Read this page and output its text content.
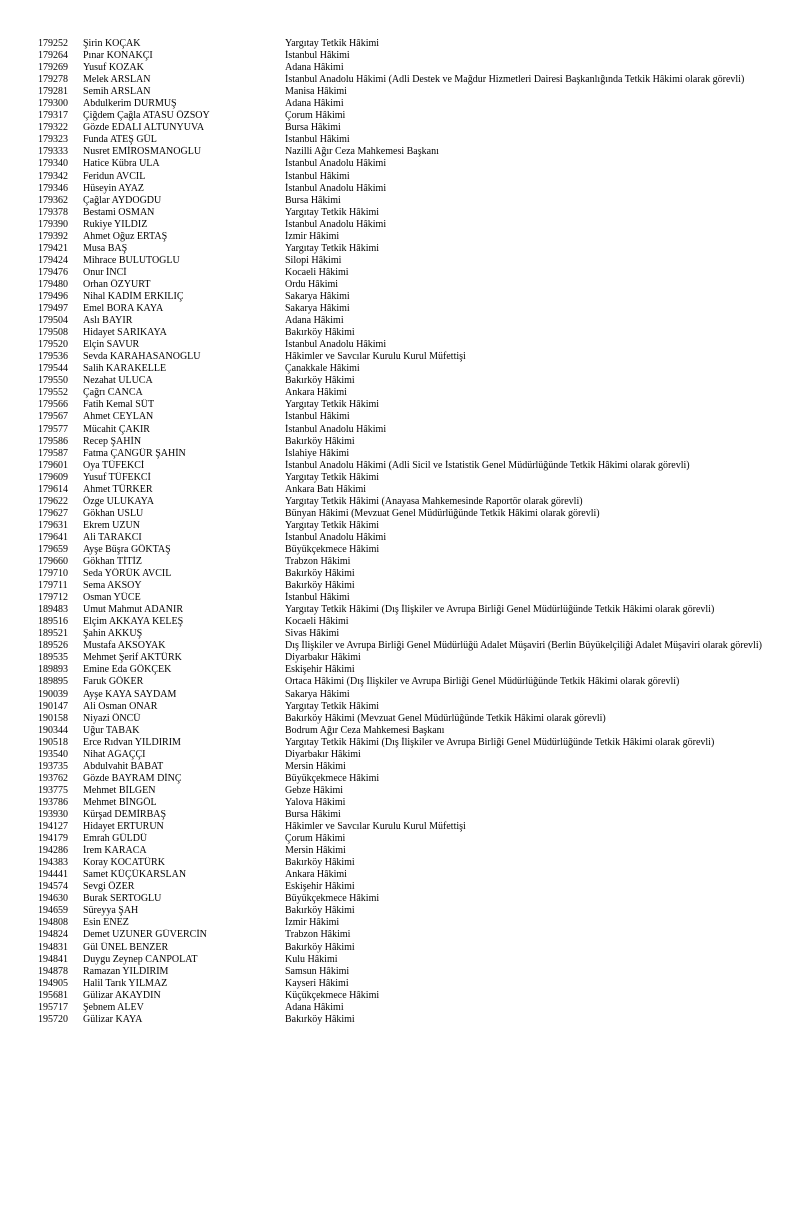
179252	Şirin KOÇAK	Yargıtay Tetkik Hâkimi
179264	Pınar KONAKÇI	İstanbul Hâkimi
179269	Yusuf KOZAK	Adana Hâkimi
179278	Melek ARSLAN	İstanbul Anadolu Hâkimi (Adli Destek ve Mağdur Hizmetleri Dairesi Başkanlığında Tetkik Hâkimi olarak görevli)
179281	Semih ARSLAN	Manisa Hâkimi
179300	Abdulkerim DURMUŞ	Adana Hâkimi
179317	Çiğdem Çağla ATASU ÖZSOY	Çorum Hâkimi
179322	Gözde EDALI ALTUNYUVA	Bursa Hâkimi
179323	Funda ATEŞ GÜL	İstanbul Hâkimi
179333	Nusret EMİROSMANOĞLU	Nazilli Ağır Ceza Mahkemesi Başkanı
179340	Hatice Kübra ULA	İstanbul Anadolu Hâkimi
179342	Feridun AVCIL	İstanbul Hâkimi
179346	Hüseyin AYAZ	İstanbul Anadolu Hâkimi
179362	Çağlar AYDOĞDU	Bursa Hâkimi
179378	Bestami OSMAN	Yargıtay Tetkik Hâkimi
179390	Rukiye YILDIZ	İstanbul Anadolu Hâkimi
179392	Ahmet Oğuz ERTAŞ	İzmir Hâkimi
179421	Musa BAŞ	Yargıtay Tetkik Hâkimi
179424	Mihrace BULUTOĞLU	Silopi Hâkimi
179476	Onur İNCİ	Kocaeli Hâkimi
179480	Orhan ÖZYURT	Ordu Hâkimi
179496	Nihal KADİM ERKILIÇ	Sakarya Hâkimi
179497	Emel BORA KAYA	Sakarya Hâkimi
179504	Aslı BAYIR	Adana Hâkimi
179508	Hidayet SARIKAYA	Bakırköy Hâkimi
179520	Elçin SAVUR	İstanbul Anadolu Hâkimi
179536	Sevda KARAHASANOĞLU	Hâkimler ve Savcılar Kurulu Kurul Müfettişi
179544	Salih KARAKELLE	Çanakkale Hâkimi
179550	Nezahat ULUCA	Bakırköy Hâkimi
179552	Çağrı CANCA	Ankara Hâkimi
179566	Fatih Kemal SÜT	Yargıtay Tetkik Hâkimi
179567	Ahmet CEYLAN	İstanbul Hâkimi
179577	Mücahit ÇAKIR	İstanbul Anadolu Hâkimi
179586	Recep ŞAHİN	Bakırköy Hâkimi
179587	Fatma ÇANGÜR ŞAHİN	İslahiye Hâkimi
179601	Oya TÜFEKCİ	İstanbul Anadolu Hâkimi (Adli Sicil ve İstatistik Genel Müdürlüğünde Tetkik Hâkimi olarak görevli)
179609	Yusuf TÜFEKCİ	Yargıtay Tetkik Hâkimi
179614	Ahmet TÜRKER	Ankara Batı Hâkimi
179622	Özge ULUKAYA	Yargıtay Tetkik Hâkimi (Anayasa Mahkemesinde Raportör olarak görevli)
179627	Gökhan USLU	Bünyan Hâkimi (Mevzuat Genel Müdürlüğünde Tetkik Hâkimi olarak görevli)
179631	Ekrem UZUN	Yargıtay Tetkik Hâkimi
179641	Ali TARAKCI	İstanbul Anadolu Hâkimi
179659	Ayşe Büşra GÖKTAŞ	Büyükçekmece Hâkimi
179660	Gökhan TİTİZ	Trabzon Hâkimi
179710	Seda YÖRÜK AVCIL	Bakırköy Hâkimi
179711	Sema AKSOY	Bakırköy Hâkimi
179712	Osman YÜCE	İstanbul Hâkimi
189483	Umut Mahmut ADANIR	Yargıtay Tetkik Hâkimi (Dış İlişkiler ve Avrupa Birliği Genel Müdürlüğünde Tetkik Hâkimi olarak görevli)
189516	Elçim AKKAYA KELEŞ	Kocaeli Hâkimi
189521	Şahin AKKUŞ	Sivas Hâkimi
189526	Mustafa AKSOYAK	Dış İlişkiler ve Avrupa Birliği Genel Müdürlüğü Adalet Müşaviri (Berlin Büyükelçiliği Adalet Müşaviri olarak görevli)
189535	Mehmet Şerif AKTÜRK	Diyarbakır Hâkimi
189893	Emine Eda GÖKÇEK	Eskişehir Hâkimi
189895	Faruk GÖKER	Ortaca Hâkimi (Dış İlişkiler ve Avrupa Birliği Genel Müdürlüğünde Tetkik Hâkimi olarak görevli)
190039	Ayşe KAYA SAYDAM	Sakarya Hâkimi
190147	Ali Osman ONAR	Yargıtay Tetkik Hâkimi
190158	Niyazi ÖNCÜ	Bakırköy Hâkimi (Mevzuat Genel Müdürlüğünde Tetkik Hâkimi olarak görevli)
190344	Uğur TABAK	Bodrum Ağır Ceza Mahkemesi Başkanı
190518	Erce Rıdvan YILDIRIM	Yargıtay Tetkik Hâkimi (Dış İlişkiler ve Avrupa Birliği Genel Müdürlüğünde Tetkik Hâkimi olarak görevli)
193540	Nihat AĞAÇÇI	Diyarbakır Hâkimi
193735	Abdulvahit BABAT	Mersin Hâkimi
193762	Gözde BAYRAM DİNÇ	Büyükçekmece Hâkimi
193775	Mehmet BİLGEN	Gebze Hâkimi
193786	Mehmet BİNGÖL	Yalova Hâkimi
193930	Kürşad DEMİRBAŞ	Bursa Hâkimi
194127	Hidayet ERTURUN	Hâkimler ve Savcılar Kurulu Kurul Müfettişi
194179	Emrah GÜLDÜ	Çorum Hâkimi
194286	İrem KARACA	Mersin Hâkimi
194383	Koray KOCATÜRK	Bakırköy Hâkimi
194441	Samet KÜÇÜKARSLAN	Ankara Hâkimi
194574	Sevgi ÖZER	Eskişehir Hâkimi
194630	Burak SERTOĞLU	Büyükçekmece Hâkimi
194659	Süreyya ŞAH	Bakırköy Hâkimi
194808	Esin ENEZ	İzmir Hâkimi
194824	Demet UZUNER GÜVERCİN	Trabzon Hâkimi
194831	Gül ÜNEL BENZER	Bakırköy Hâkimi
194841	Duygu Zeynep CANPOLAT	Kulu Hâkimi
194878	Ramazan YILDIRIM	Samsun Hâkimi
194905	Halil Tarık YILMAZ	Kayseri Hâkimi
195681	Gülizar AKAYDIN	Küçükçekmece Hâkimi
195717	Şebnem ALEV	Adana Hâkimi
195720	Gülizar KAYA	Bakırköy Hâkimi
